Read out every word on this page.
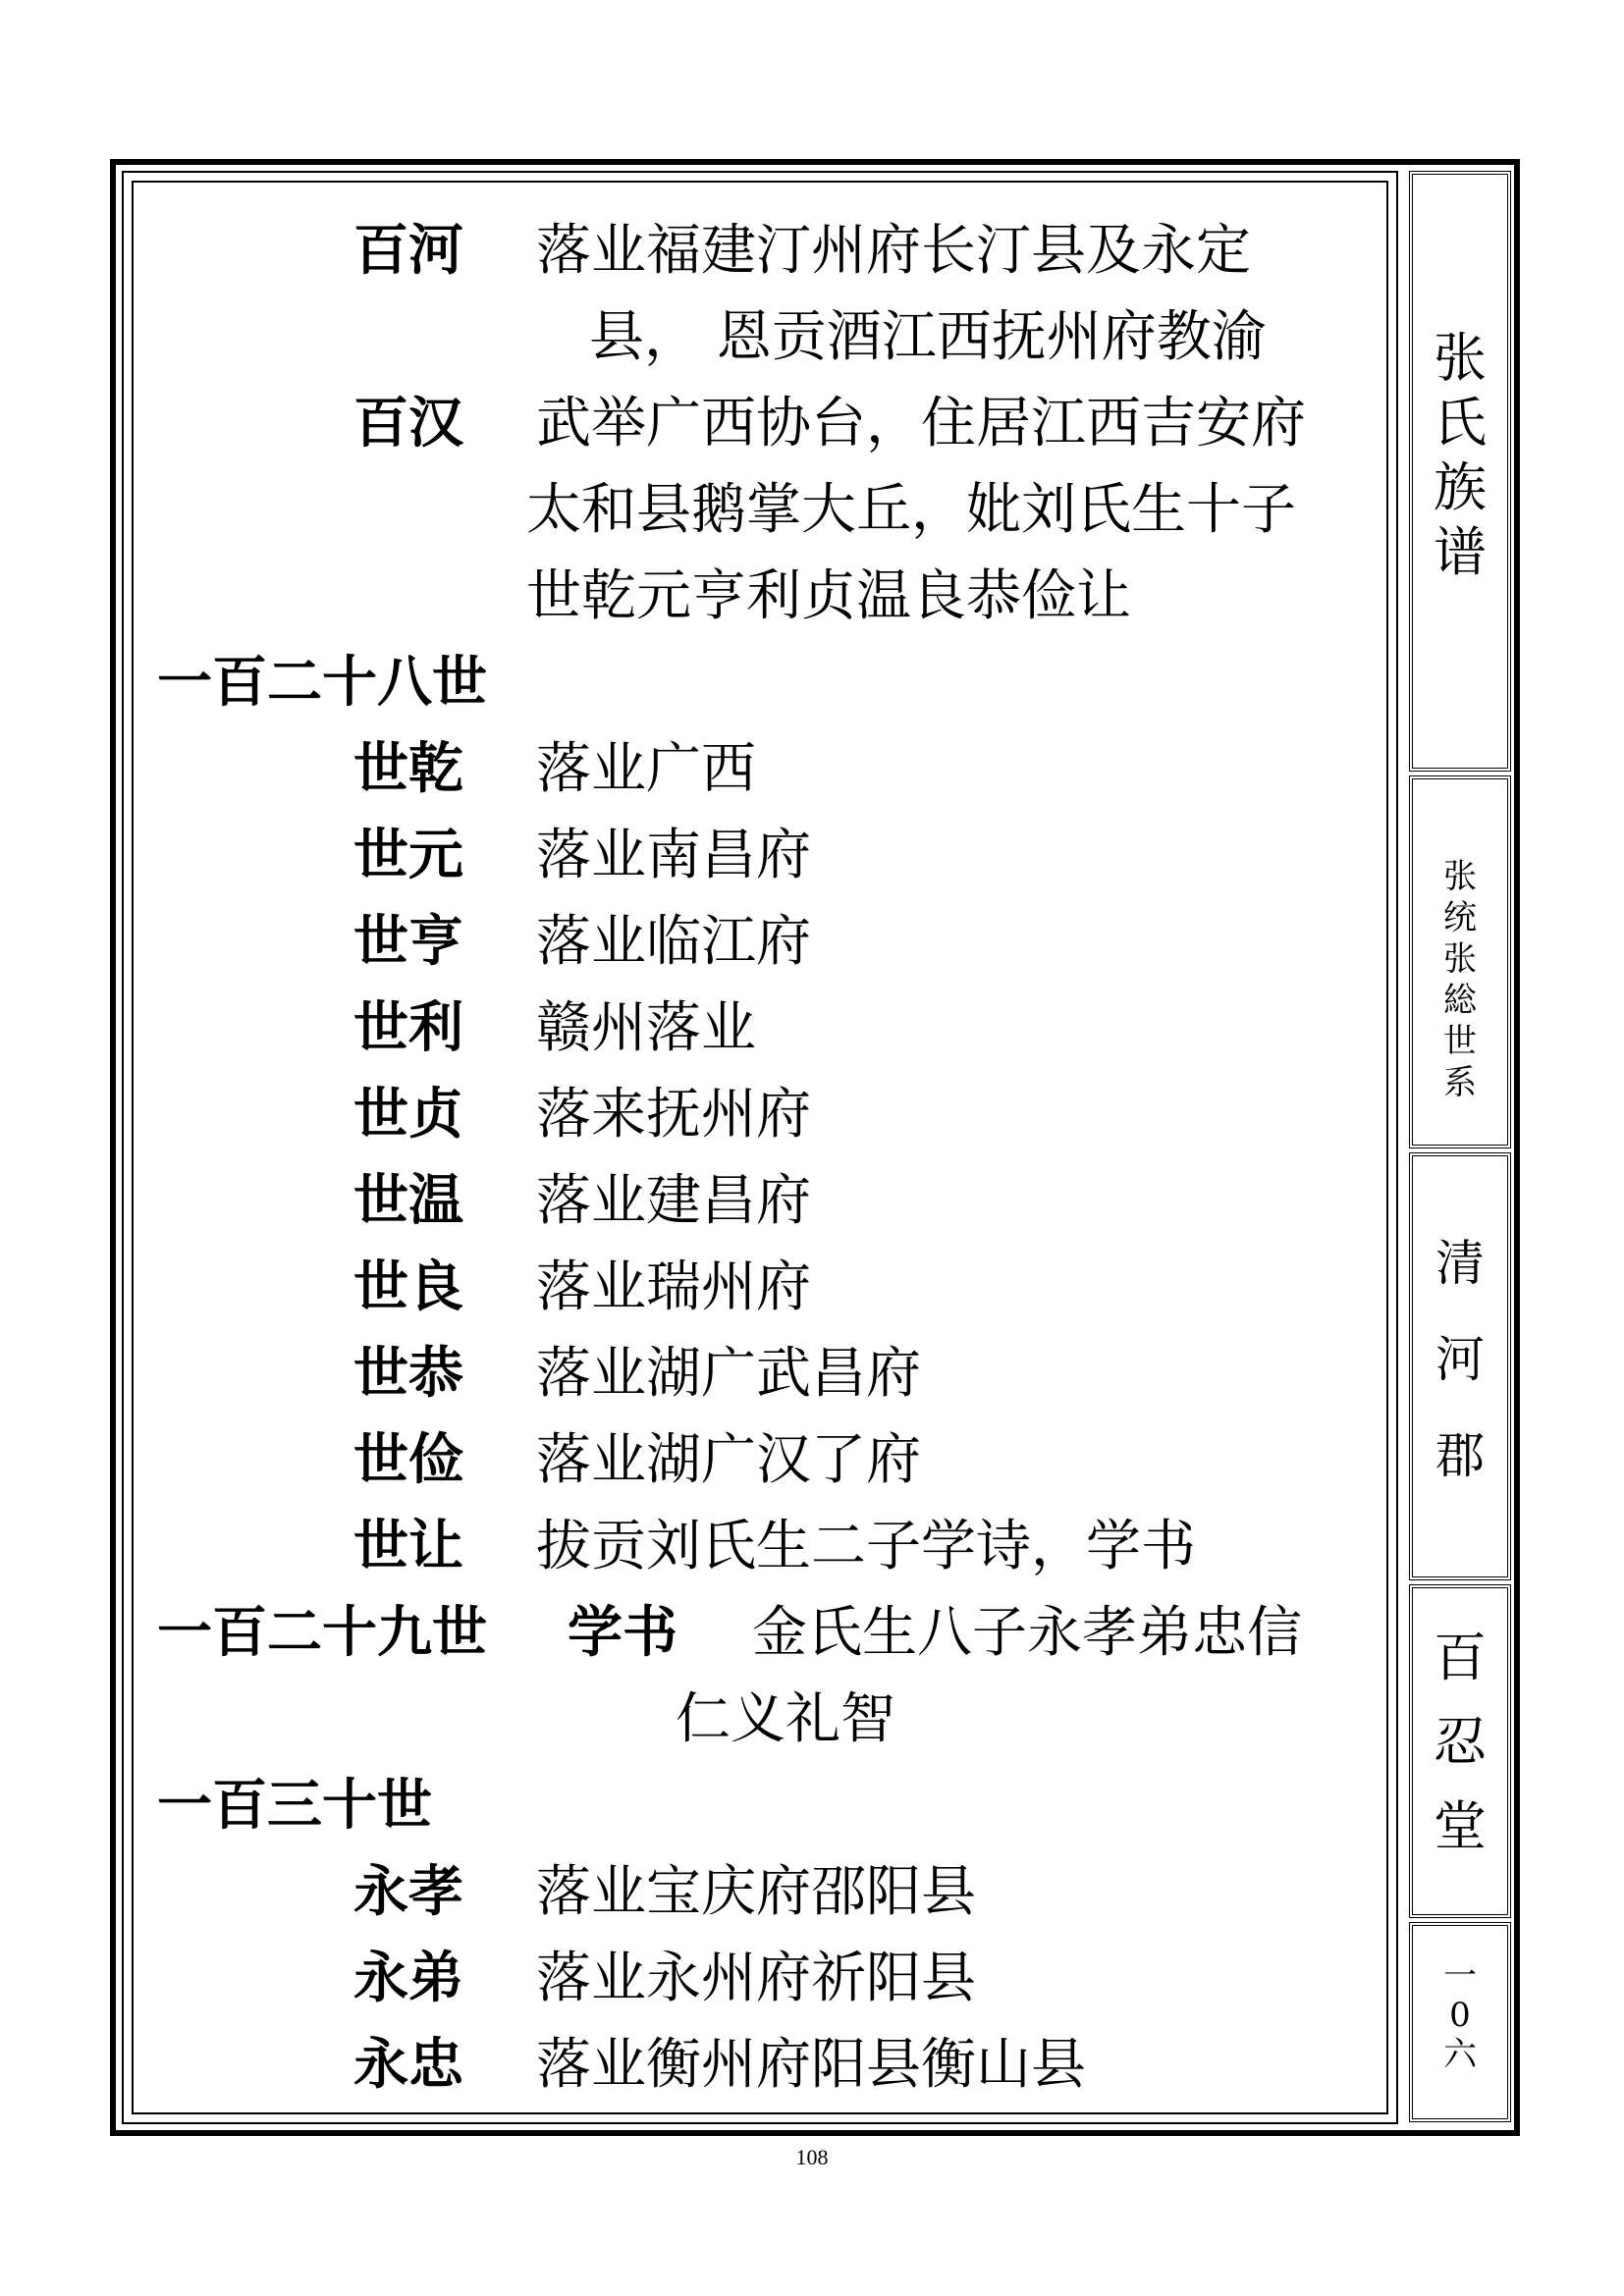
张
氏
族
谱
张
统
张
総
世
系
清
河
郡
百
忍
堂
一
0
六
百河 落业福建汀州府长汀县及永定
县， 恩贡酒江西抚州府教渝
百汉 武举广西协台，住居江西吉安府
太和县鹅掌大丘，妣刘氏生十子
世乾元亨利贞温良恭俭让
一百二十八世
世乾 落业广西
世元 落业南昌府
世亨 落业临江府
世利 赣州落业
世贞 落来抚州府
世温 落业建昌府
世良 落业瑞州府
世恭 落业湖广武昌府
世俭 落业湖广汉了府
世让 拔贡刘氏生二子学诗，学书
一百二十九世 学书 金氏生八子永孝弟忠信
仁义礼智
一百三十世
永孝 落业宝庆府邵阳县
永弟 落业永州府祈阳县
永忠 落业衡州府阳县衡山县
108
